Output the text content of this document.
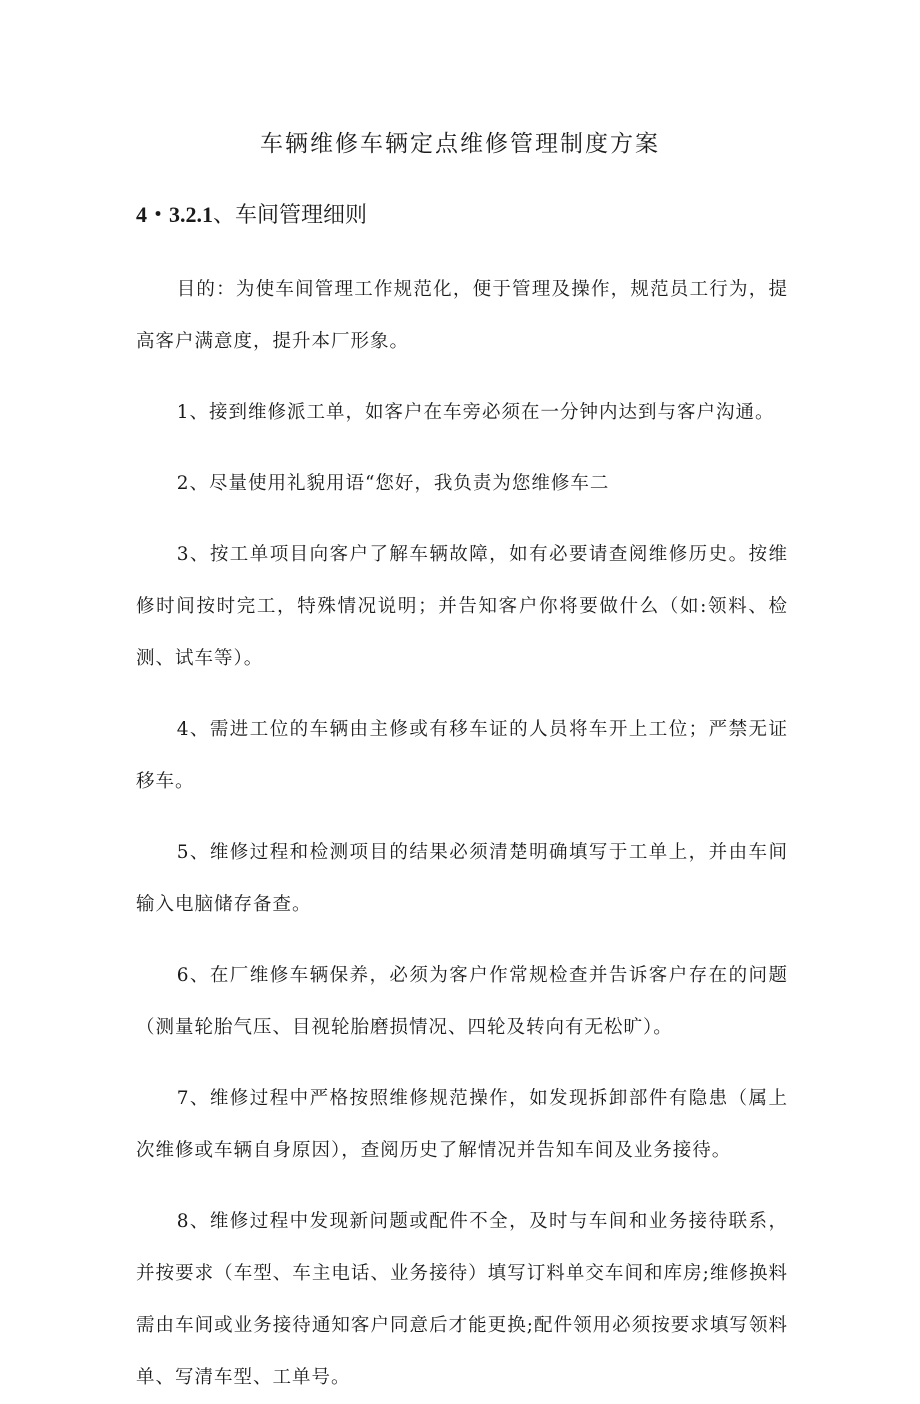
车辆维修车辆定点维修管理制度方案
4・3.2.1、车间管理细则

目的：为使车间管理工作规范化，便于管理及操作，规范员工行为，提高客户满意度，提升本厂形象。

1、接到维修派工单，如客户在车旁必须在一分钟内达到与客户沟通。

2、尽量使用礼貌用语“您好，我负责为您维修车二

3、按工单项目向客户了解车辆故障，如有必要请查阅维修历史。按维修时间按时完工，特殊情况说明；并告知客户你将要做什么（如:领料、检测、试车等）。

4、需进工位的车辆由主修或有移车证的人员将车开上工位；严禁无证移车。

5、维修过程和检测项目的结果必须清楚明确填写于工单上，并由车间输入电脑储存备查。

6、在厂维修车辆保养，必须为客户作常规检查并告诉客户存在的问题（测量轮胎气压、目视轮胎磨损情况、四轮及转向有无松旷）。

7、维修过程中严格按照维修规范操作，如发现拆卸部件有隐患（属上次维修或车辆自身原因），查阅历史了解情况并告知车间及业务接待。

8、维修过程中发现新问题或配件不全，及时与车间和业务接待联系，并按要求（车型、车主电话、业务接待）填写订料单交车间和库房;维修换料需由车间或业务接待通知客户同意后才能更换;配件领用必须按要求填写领料单、写清车型、工单号。
